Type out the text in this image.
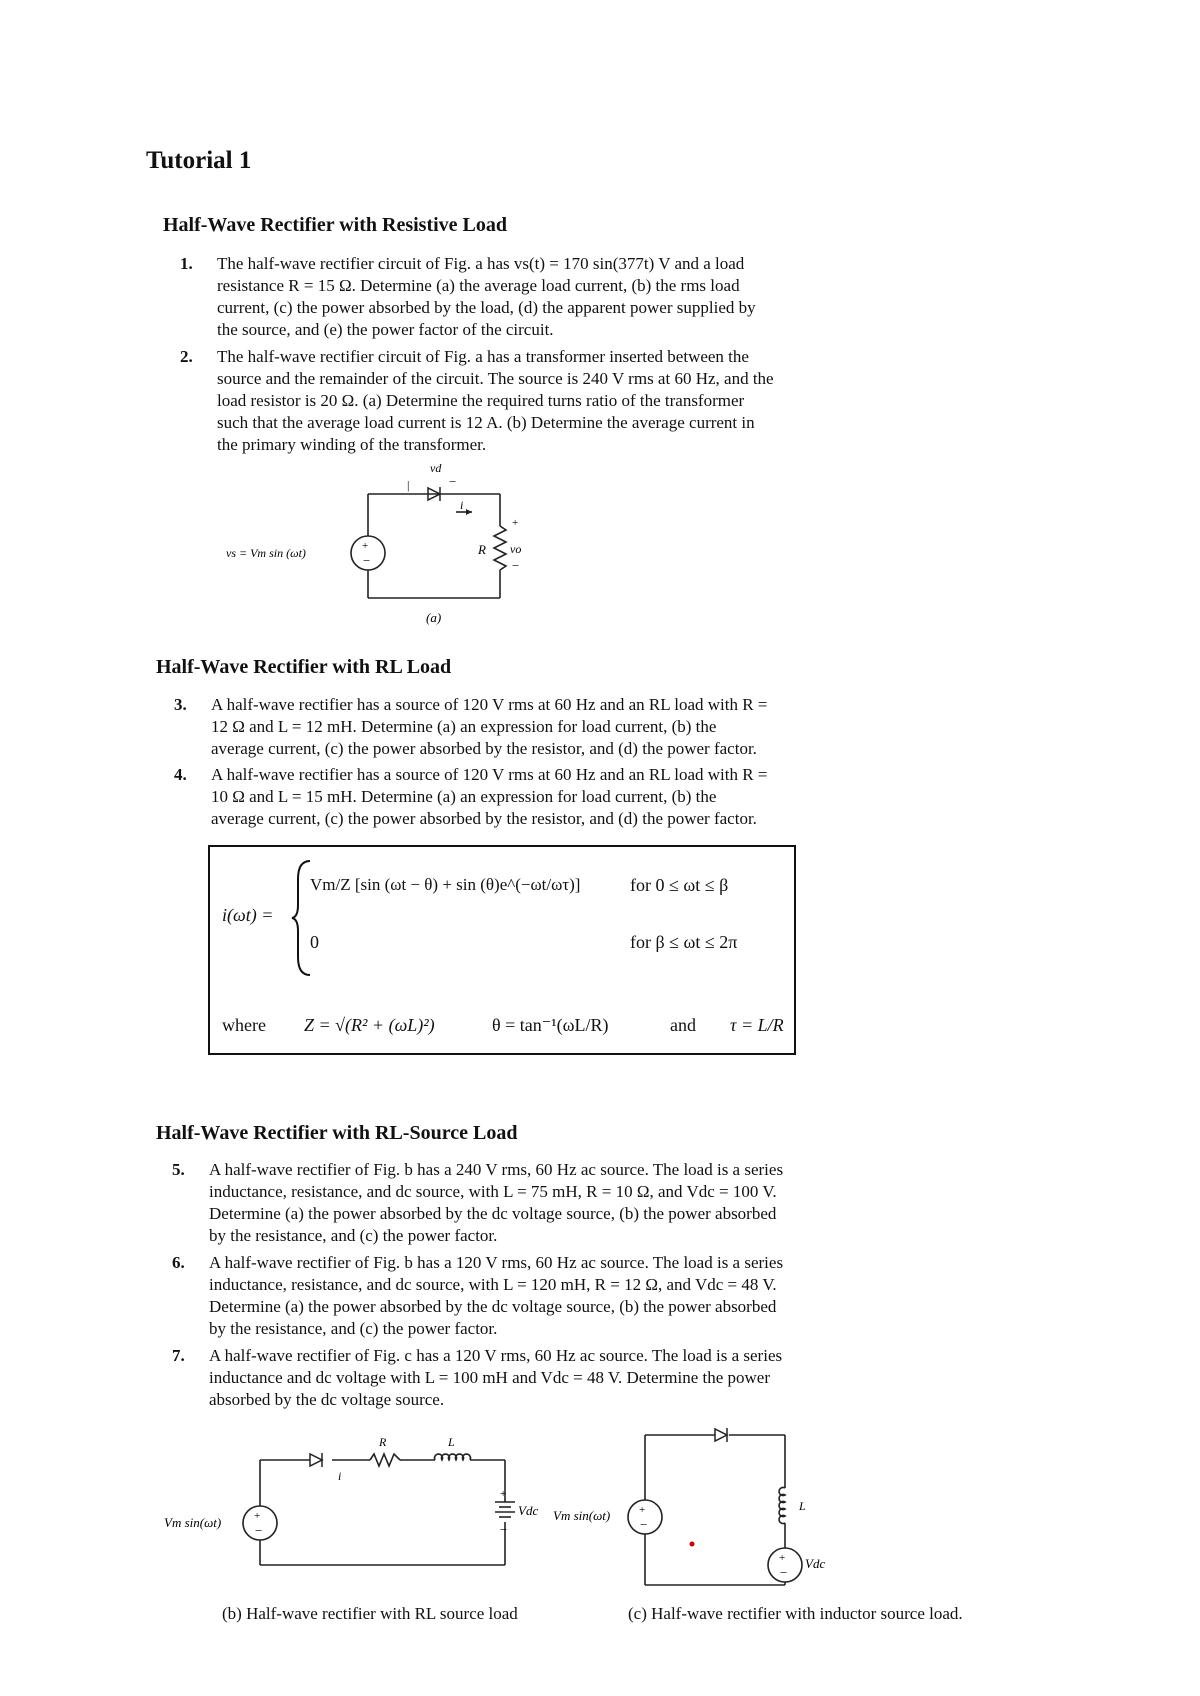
Tutorial 1
Half-Wave Rectifier with Resistive Load
1. The half-wave rectifier circuit of Fig. a has vs(t) = 170 sin(377t) V and a load resistance R = 15 Ω. Determine (a) the average load current, (b) the rms load current, (c) the power absorbed by the load, (d) the apparent power supplied by the source, and (e) the power factor of the circuit.
2. The half-wave rectifier circuit of Fig. a has a transformer inserted between the source and the remainder of the circuit. The source is 240 V rms at 60 Hz, and the load resistor is 20 Ω. (a) Determine the required turns ratio of the transformer such that the average load current is 12 A. (b) Determine the average current in the primary winding of the transformer.
+
−
|	−
+
−
vs = Vm sin (ωt)
vd
i
R vo
(a)
Half-Wave Rectifier with RL Load
3. A half-wave rectifier has a source of 120 V rms at 60 Hz and an RL load with R = 12 Ω and L = 12 mH. Determine (a) an expression for load current, (b) the average current, (c) the power absorbed by the resistor, and (d) the power factor.
4. A half-wave rectifier has a source of 120 V rms at 60 Hz and an RL load with R = 10 Ω and L = 15 mH. Determine (a) an expression for load current, (b) the average current, (c) the power absorbed by the resistor, and (d) the power factor.
i(ωt) =
Vm/Z [sin (ωt − θ) + sin (θ)e^(−ωt/ωτ)]	for 0 ≤ ωt ≤ β
0	for β ≤ ωt ≤ 2π
where Z = √(R² + (ωL)²)	θ = tan⁻¹(ωL/R)	and τ = L/R
Half-Wave Rectifier with RL-Source Load
5. A half-wave rectifier of Fig. b has a 240 V rms, 60 Hz ac source. The load is a series inductance, resistance, and dc source, with L = 75 mH, R = 10 Ω, and Vdc = 100 V. Determine (a) the power absorbed by the dc voltage source, (b) the power absorbed by the resistance, and (c) the power factor.
6. A half-wave rectifier of Fig. b has a 120 V rms, 60 Hz ac source. The load is a series inductance, resistance, and dc source, with L = 120 mH, R = 12 Ω, and Vdc = 48 V. Determine (a) the power absorbed by the dc voltage source, (b) the power absorbed by the resistance, and (c) the power factor.
7. A half-wave rectifier of Fig. c has a 120 V rms, 60 Hz ac source. The load is a series inductance and dc voltage with L = 100 mH and Vdc = 48 V. Determine the power absorbed by the dc voltage source.
+
−
+
−
Vm sin(ωt)
R	L
i
Vdc	+
−
+
−
Vm sin(ωt)
L
Vdc
(b) Half-wave rectifier with RL source load	(c) Half-wave rectifier with inductor source load.
